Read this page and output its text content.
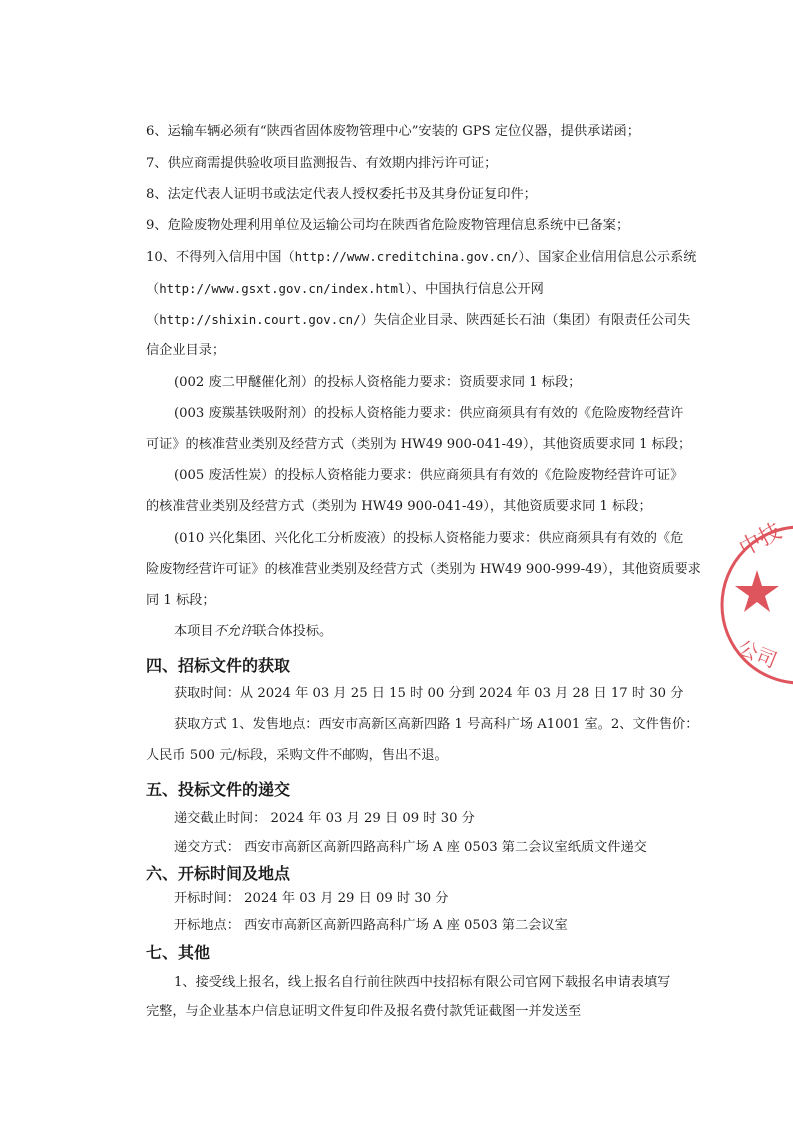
6、运输车辆必须有“陕西省固体废物管理中心”安装的 GPS 定位仪器，提供承诺函；
7、供应商需提供验收项目监测报告、有效期内排污许可证；
8、法定代表人证明书或法定代表人授权委托书及其身份证复印件；
9、危险废物处理利用单位及运输公司均在陕西省危险废物管理信息系统中已备案；
10、不得列入信用中国（http://www.creditchina.gov.cn/）、国家企业信用信息公示系统
（http://www.gsxt.gov.cn/index.html）、中国执行信息公开网
（http://shixin.court.gov.cn/）失信企业目录、陕西延长石油（集团）有限责任公司失
信企业目录；
(002 废二甲醚催化剂）的投标人资格能力要求：资质要求同 1 标段；
(003 废羰基铁吸附剂）的投标人资格能力要求：供应商须具有有效的《危险废物经营许
可证》的核准营业类别及经营方式（类别为 HW49 900-041-49），其他资质要求同 1 标段；
(005 废活性炭）的投标人资格能力要求：供应商须具有有效的《危险废物经营许可证》
的核准营业类别及经营方式（类别为 HW49 900-041-49），其他资质要求同 1 标段；
(010 兴化集团、兴化化工分析废液）的投标人资格能力要求：供应商须具有有效的《危
险废物经营许可证》的核准营业类别及经营方式（类别为 HW49 900-999-49），其他资质要求
同 1 标段；
本项目不允许联合体投标。
四、招标文件的获取
获取时间：从 2024 年 03 月 25 日 15 时 00 分到 2024 年 03 月 28 日 17 时 30 分
获取方式 1、发售地点：西安市高新区高新四路 1 号高科广场 A1001 室。2、文件售价：
人民币 500 元/标段，采购文件不邮购，售出不退。
五、投标文件的递交
递交截止时间： 2024 年 03 月 29 日 09 时 30 分
递交方式： 西安市高新区高新四路高科广场 A 座 0503 第二会议室纸质文件递交
六、开标时间及地点
开标时间： 2024 年 03 月 29 日 09 时 30 分
开标地点： 西安市高新区高新四路高科广场 A 座 0503 第二会议室
七、其他
1、接受线上报名，线上报名自行前往陕西中技招标有限公司官网下载报名申请表填写
完整，与企业基本户信息证明文件复印件及报名费付款凭证截图一并发送至
中技
公司
